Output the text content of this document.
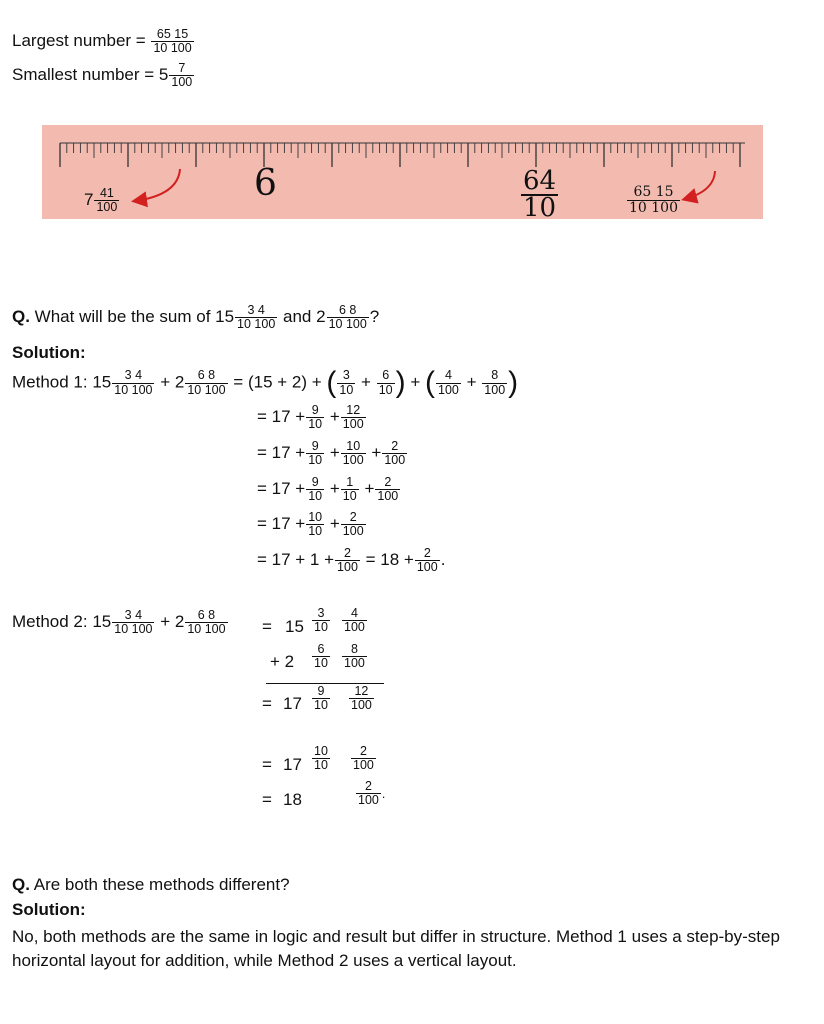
Largest number = $\frac{65 15}{10 100}$
Smallest number = $5 \frac{7}{100}$
$7 \frac{41}{100}$	6	$\frac{64}{10}$	$\frac{65 15}{10 100}$
Q. What will be the sum of $15 \frac{3 4}{10 100}$ and $2 \frac{6 8}{10 100}$ ?
Solution:
Method 1: $15 \frac{3 4}{10 100} + 2 \frac{6 8}{10 100} = (15 + 2)$ + ( $\frac{3}{10} + \frac{6}{10}$ ) + ( $\frac{4}{100} + \frac{8}{100}$ )
= $17 + \frac{9}{10} + \frac{12}{100}$
= $17 + \frac{9}{10} + \frac{10}{100} + \frac{2}{100}$
= $17 + \frac{9}{10} + \frac{1}{10} + \frac{2}{100}$
= $17 + \frac{10}{10} + \frac{2}{100}$
= $17 + 1 + \frac{2}{100} = 18 + \frac{2}{100}$ .
Method 2: $15 \frac{3 4}{10 100} + 2 \frac{6 8}{10 100} = 15 \frac{3}{10} \frac{4}{100}$
+ $2 \frac{6}{10} \frac{8}{100}$
= $17 \frac{9}{10} \frac{12}{100}$
= $17 \frac{10}{10} \frac{2}{100}$
= 18	$\frac{2}{100}$ .
Q. Are both these methods different?
Solution:
No, both methods are the same in logic and result but differ in structure. Method 1 uses a step-by-step horizontal layout for addition, while Method 2 uses a vertical layout.
